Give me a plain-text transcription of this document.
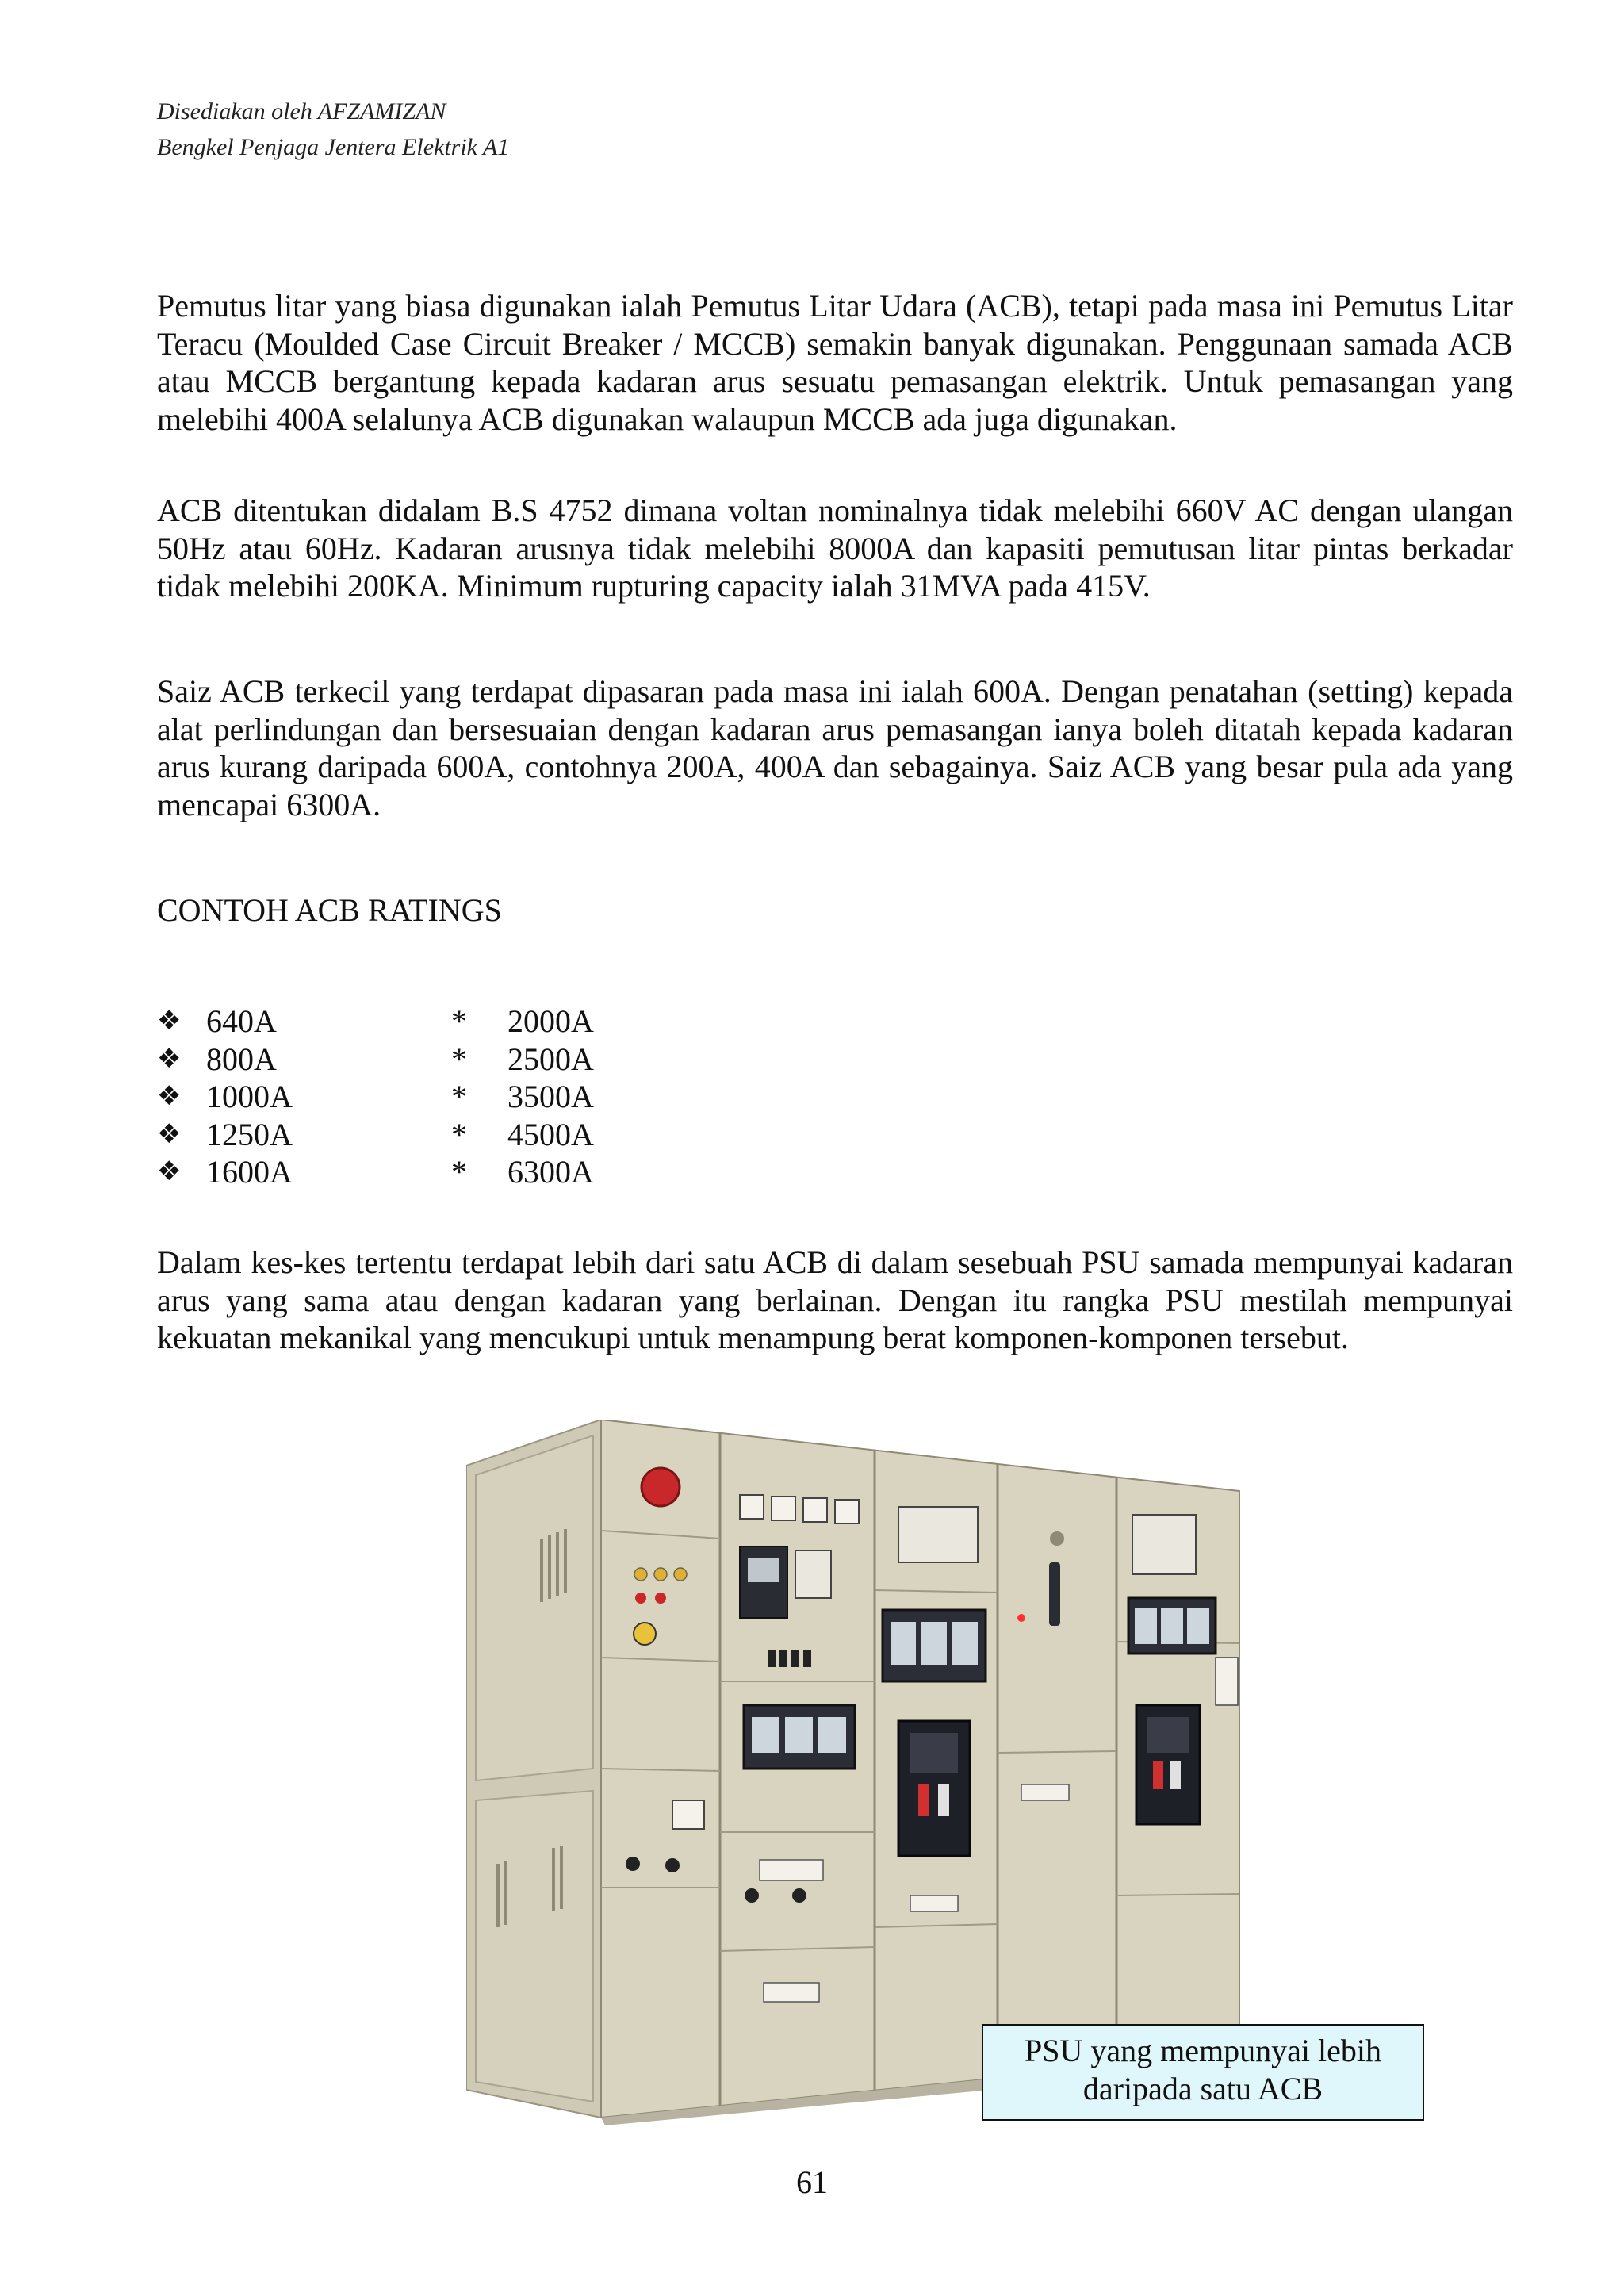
Disediakan oleh AFZAMIZAN
Bengkel Penjaga Jentera Elektrik A1

Pemutus litar yang biasa digunakan ialah Pemutus Litar Udara (ACB), tetapi pada masa ini Pemutus Litar Teracu (Moulded Case Circuit Breaker / MCCB) semakin banyak digunakan. Penggunaan samada ACB atau MCCB bergantung kepada kadaran arus sesuatu pemasangan elektrik. Untuk pemasangan yang melebihi 400A selalunya ACB digunakan walaupun MCCB ada juga digunakan.

ACB ditentukan didalam B.S 4752 dimana voltan nominalnya tidak melebihi 660V AC dengan ulangan 50Hz atau 60Hz. Kadaran arusnya tidak melebihi 8000A dan kapasiti pemutusan litar pintas berkadar tidak melebihi 200KA. Minimum rupturing capacity ialah 31MVA pada 415V.

Saiz ACB terkecil yang terdapat dipasaran pada masa ini ialah 600A. Dengan penatahan (setting) kepada alat perlindungan dan bersesuaian dengan kadaran arus pemasangan ianya boleh ditatah kepada kadaran arus kurang daripada 600A, contohnya 200A, 400A dan sebagainya. Saiz ACB yang besar pula ada yang mencapai 6300A.

CONTOH ACB RATINGS
❖ 640A	* 2000A
❖ 800A	* 2500A
❖ 1000A	* 3500A
❖ 1250A	* 4500A
❖ 1600A	* 6300A

Dalam kes-kes tertentu terdapat lebih dari satu ACB di dalam sesebuah PSU samada mempunyai kadaran arus yang sama atau dengan kadaran yang berlainan. Dengan itu rangka PSU mestilah mempunyai kekuatan mekanikal yang mencukupi untuk menampung berat komponen-komponen tersebut.

PSU yang mempunyai lebih
daripada satu ACB
61
